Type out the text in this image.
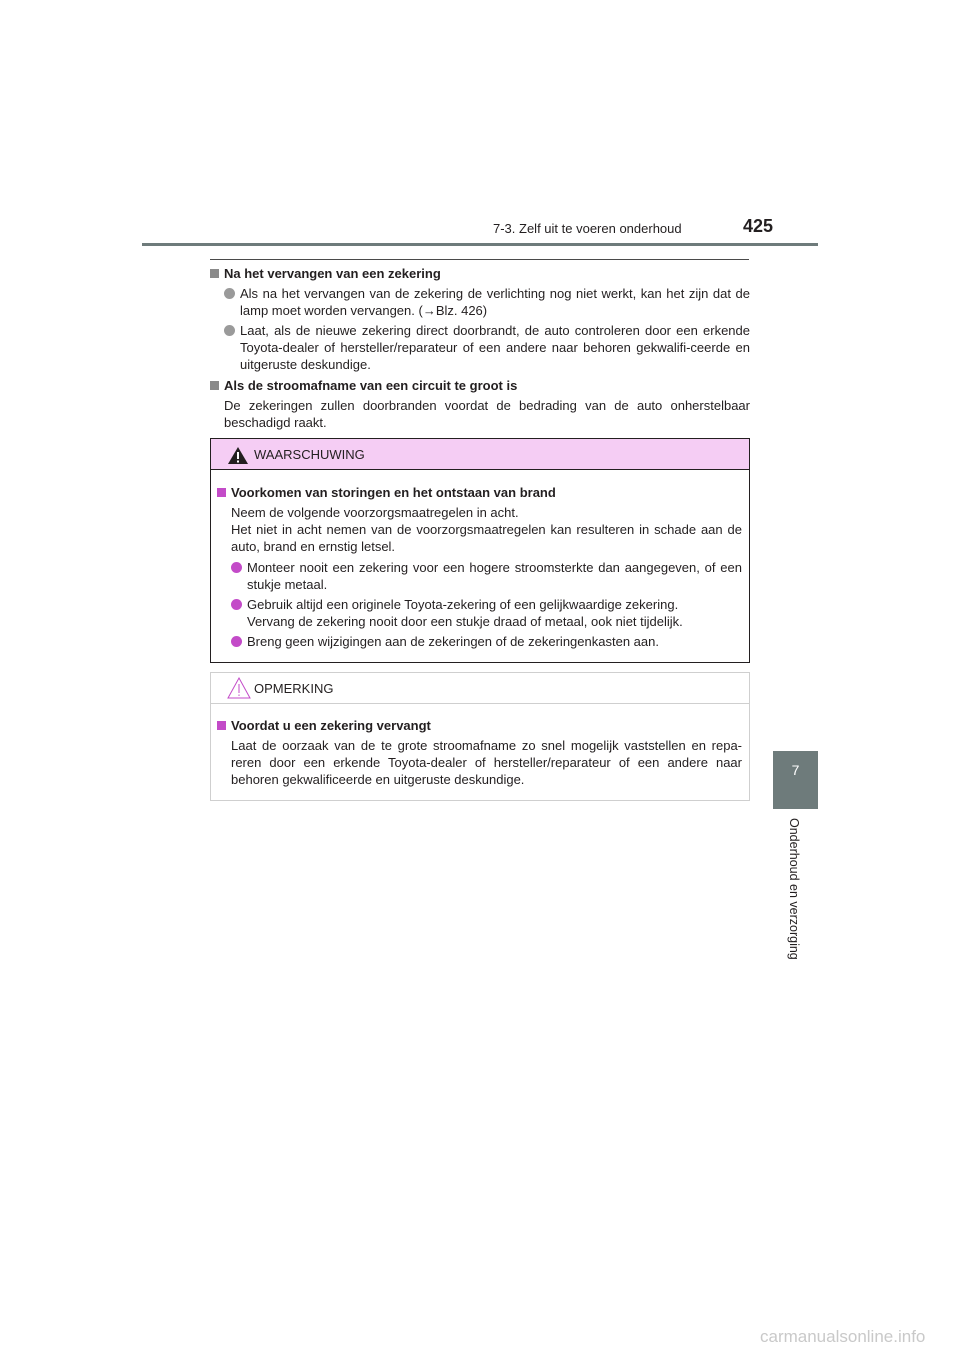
7-3. Zelf uit te voeren onderhoud	425
7
Onderhoud en verzorging
Na het vervangen van een zekering
Als na het vervangen van de zekering de verlichting nog niet werkt, kan het zijn dat de lamp moet worden vervangen. (→Blz. 426)
Laat, als de nieuwe zekering direct doorbrandt, de auto controleren door een erkende Toyota-dealer of hersteller/reparateur of een andere naar behoren gekwalifi-ceerde en uitgeruste deskundige.
Als de stroomafname van een circuit te groot is
De zekeringen zullen doorbranden voordat de bedrading van de auto onherstelbaar beschadigd raakt.
WAARSCHUWING
Voorkomen van storingen en het ontstaan van brand
Neem de volgende voorzorgsmaatregelen in acht.
Het niet in acht nemen van de voorzorgsmaatregelen kan resulteren in schade aan de auto, brand en ernstig letsel.
Monteer nooit een zekering voor een hogere stroomsterkte dan aangegeven, of een stukje metaal.
Gebruik altijd een originele Toyota-zekering of een gelijkwaardige zekering.
Vervang de zekering nooit door een stukje draad of metaal, ook niet tijdelijk.
Breng geen wijzigingen aan de zekeringen of de zekeringenkasten aan.
OPMERKING
Voordat u een zekering vervangt
Laat de oorzaak van de te grote stroomafname zo snel mogelijk vaststellen en repa-reren door een erkende Toyota-dealer of hersteller/reparateur of een andere naar behoren gekwalificeerde en uitgeruste deskundige.
carmanualsonline.info
